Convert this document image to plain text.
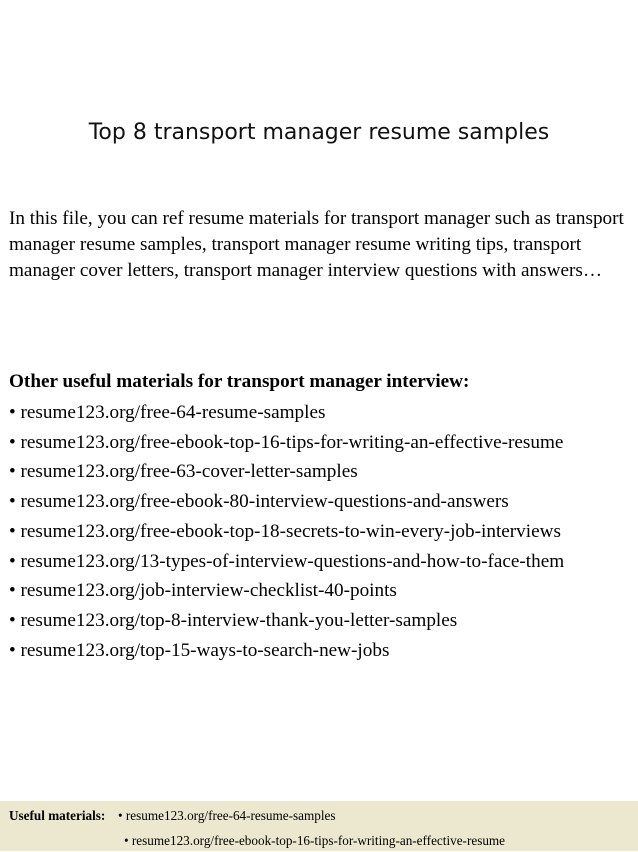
Top 8 transport manager resume samples

In this file, you can ref resume materials for transport manager such as transport manager resume samples, transport manager resume writing tips, transport manager cover letters, transport manager interview questions with answers…

Other useful materials for transport manager interview:

• resume123.org/free-64-resume-samples
• resume123.org/free-ebook-top-16-tips-for-writing-an-effective-resume
• resume123.org/free-63-cover-letter-samples
• resume123.org/free-ebook-80-interview-questions-and-answers
• resume123.org/free-ebook-top-18-secrets-to-win-every-job-interviews
• resume123.org/13-types-of-interview-questions-and-how-to-face-them
• resume123.org/job-interview-checklist-40-points
• resume123.org/top-8-interview-thank-you-letter-samples
• resume123.org/top-15-ways-to-search-new-jobs
Useful materials: • resume123.org/free-64-resume-samples
• resume123.org/free-ebook-top-16-tips-for-writing-an-effective-resume
